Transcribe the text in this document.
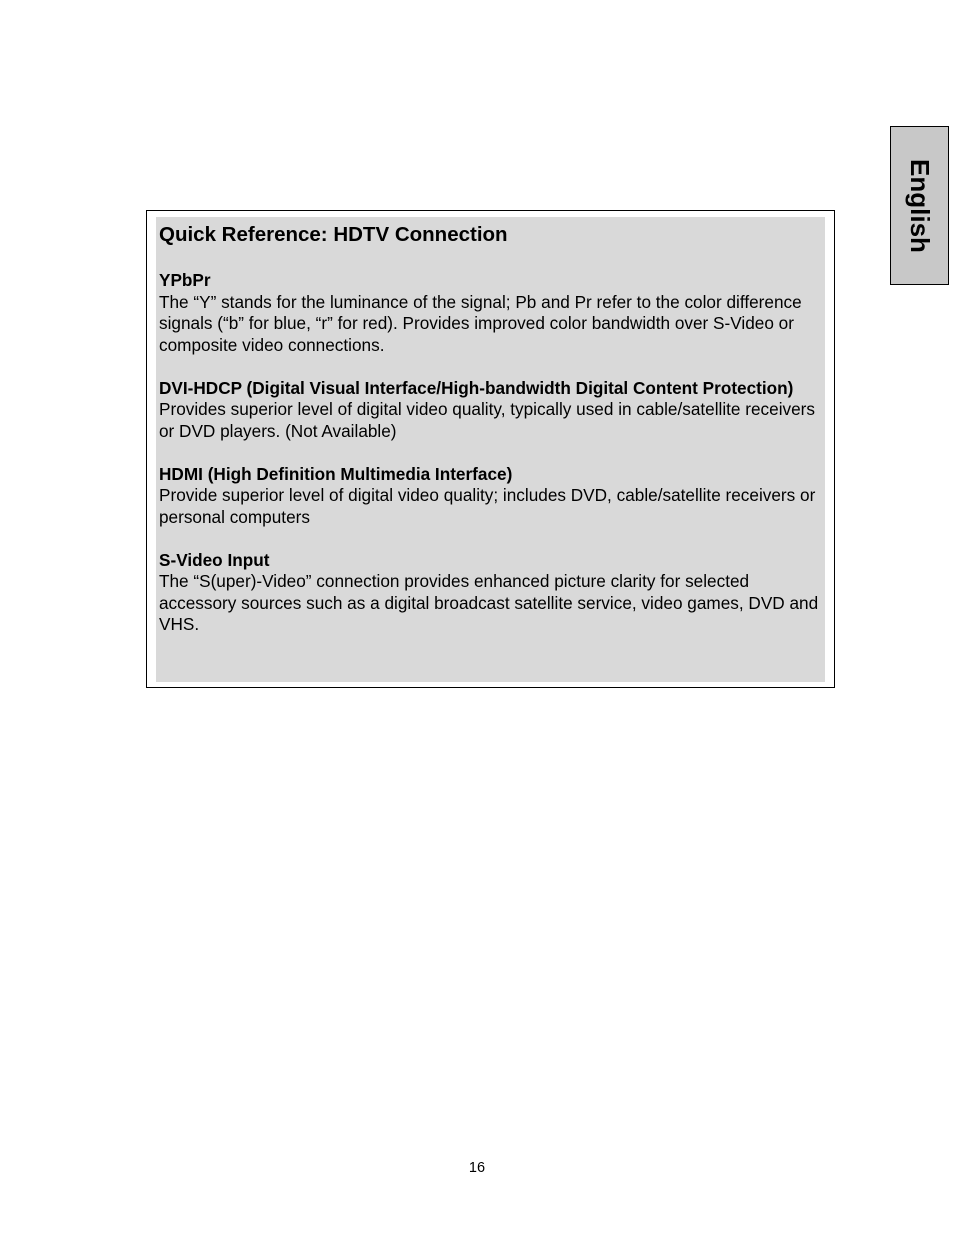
English
Quick Reference: HDTV Connection
YPbPr
The “Y” stands for the luminance of the signal; Pb and Pr refer to the color difference signals (“b” for blue, “r” for red). Provides improved color bandwidth over S-Video or composite video connections.
DVI-HDCP (Digital Visual Interface/High-bandwidth Digital Content Protection)
Provides superior level of digital video quality, typically used in cable/satellite receivers or DVD players. (Not Available)
HDMI (High Definition Multimedia Interface)
Provide superior level of digital video quality; includes DVD, cable/satellite receivers or personal computers
S-Video Input
The “S(uper)-Video” connection provides enhanced picture clarity for selected accessory sources such as a digital broadcast satellite service, video games, DVD and VHS.
16
